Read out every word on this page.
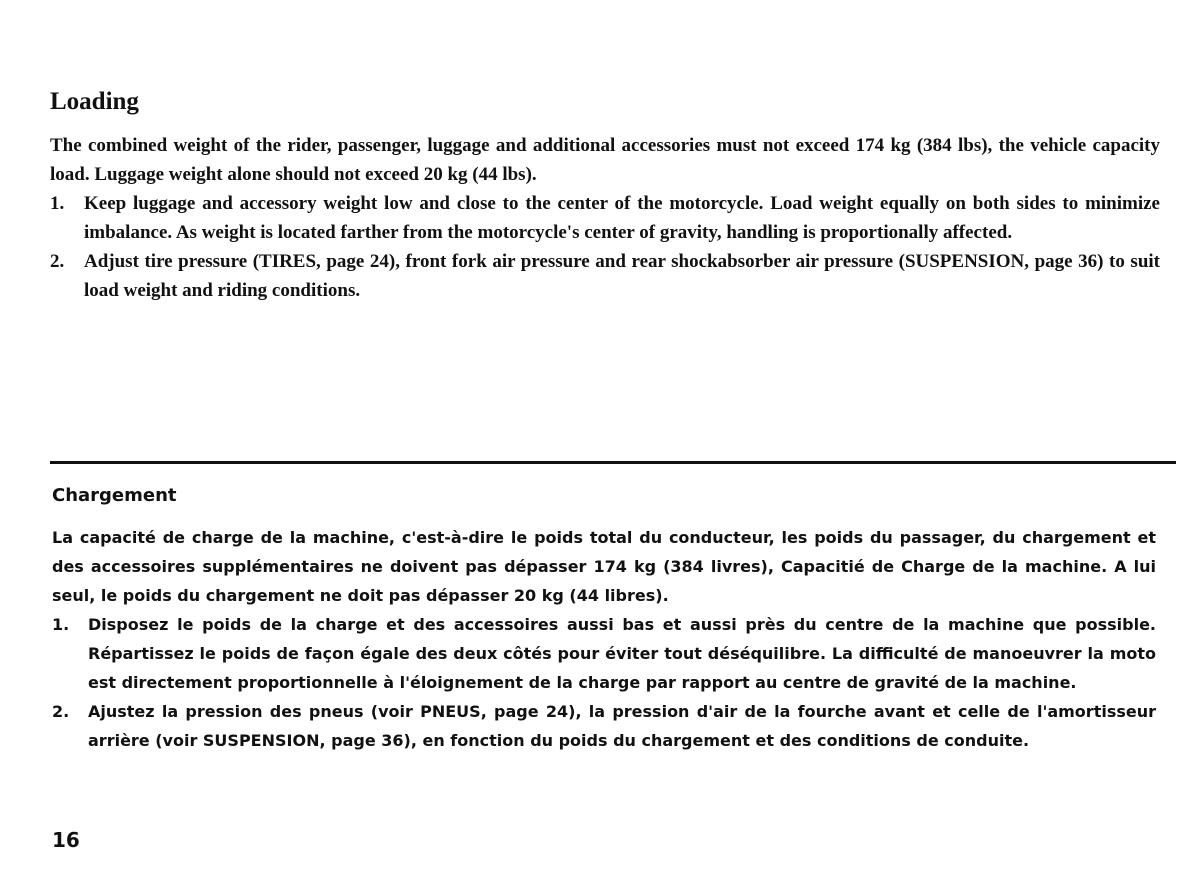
Loading

The combined weight of the rider, passenger, luggage and additional accessories must not exceed 174 kg (384 lbs), the vehicle capacity load. Luggage weight alone should not exceed 20 kg (44 lbs).

1. Keep luggage and accessory weight low and close to the center of the motorcycle. Load weight equally on both sides to minimize imbalance. As weight is located farther from the motorcycle's center of gravity, handling is proportionally affected.
2. Adjust tire pressure (TIRES, page 24), front fork air pressure and rear shockabsorber air pressure (SUSPENSION, page 36) to suit load weight and riding conditions.
Chargement

La capacité de charge de la machine, c'est-à-dire le poids total du conducteur, les poids du passager, du chargement et des accessoires supplémentaires ne doivent pas dépasser 174 kg (384 livres), Capacitié de Charge de la machine. A lui seul, le poids du chargement ne doit pas dépasser 20 kg (44 libres).

1. Disposez le poids de la charge et des accessoires aussi bas et aussi près du centre de la machine que possible. Répartissez le poids de façon égale des deux côtés pour éviter tout déséquilibre. La difficulté de manoeuvrer la moto est directement proportionnelle à l'éloignement de la charge par rapport au centre de gravité de la machine.
2. Ajustez la pression des pneus (voir PNEUS, page 24), la pression d'air de la fourche avant et celle de l'amortisseur arrière (voir SUSPENSION, page 36), en fonction du poids du chargement et des conditions de conduite.
16
